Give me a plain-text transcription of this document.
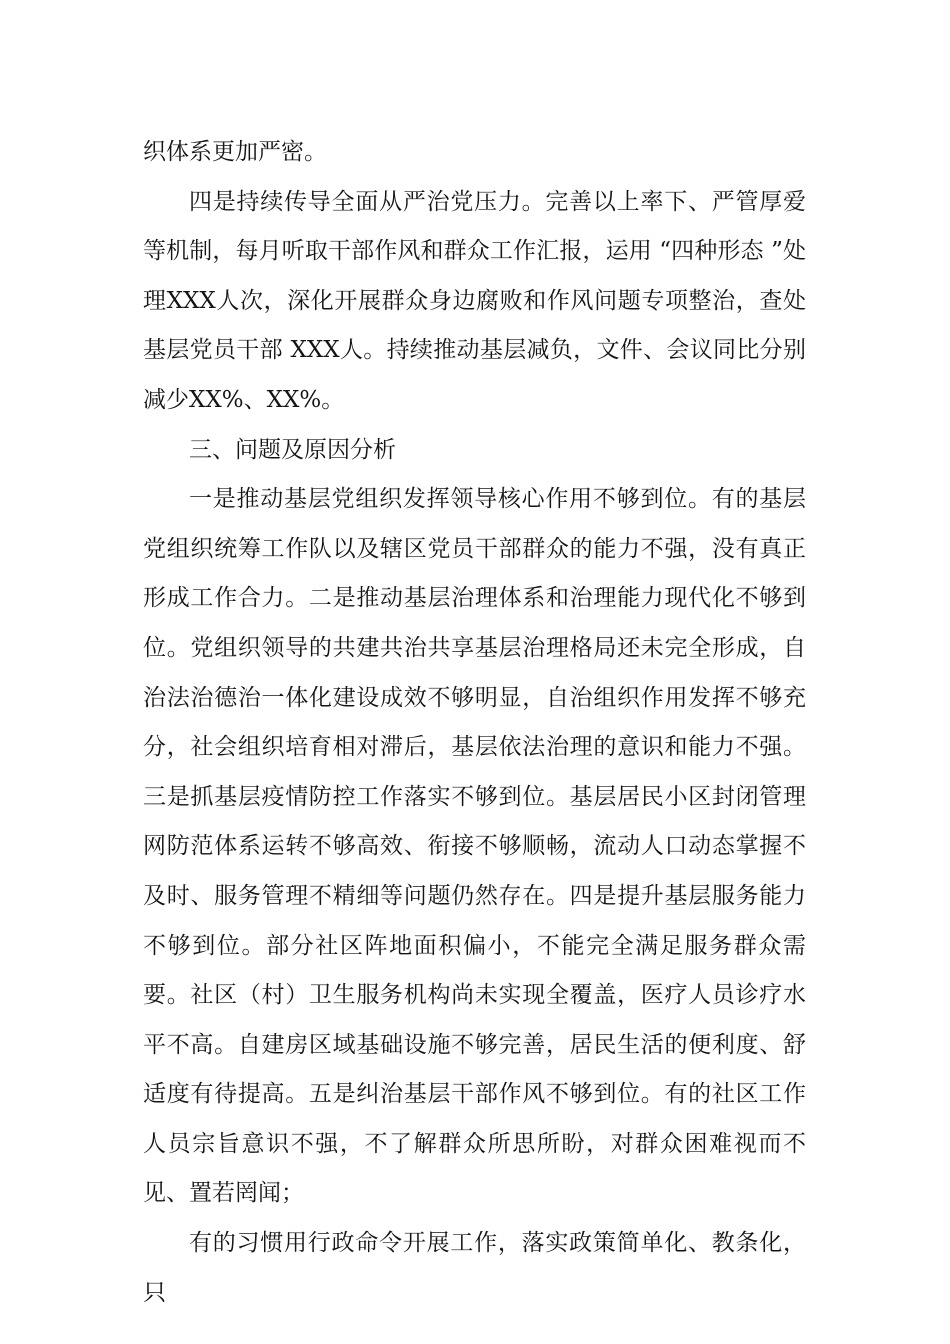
织体系更加严密。

四是持续传导全面从严治党压力。完善以上率下、严管厚爱等机制，每月听取干部作风和群众工作汇报，运用 “四种形态 ”处理XXX人次，深化开展群众身边腐败和作风问题专项整治，查处基层党员干部 XXX人。持续推动基层减负，文件、会议同比分别减少XX%、XX%。

三、问题及原因分析

一是推动基层党组织发挥领导核心作用不够到位。有的基层党组织统筹工作队以及辖区党员干部群众的能力不强，没有真正形成工作合力。二是推动基层治理体系和治理能力现代化不够到位。党组织领导的共建共治共享基层治理格局还未完全形成，自治法治德治一体化建设成效不够明显，自治组织作用发挥不够充分，社会组织培育相对滞后，基层依法治理的意识和能力不强。三是抓基层疫情防控工作落实不够到位。基层居民小区封闭管理网防范体系运转不够高效、衔接不够顺畅，流动人口动态掌握不及时、服务管理不精细等问题仍然存在。四是提升基层服务能力不够到位。部分社区阵地面积偏小，不能完全满足服务群众需要。社区（村）卫生服务机构尚未实现全覆盖，医疗人员诊疗水平不高。自建房区域基础设施不够完善，居民生活的便利度、舒适度有待提高。五是纠治基层干部作风不够到位。有的社区工作人员宗旨意识不强，不了解群众所思所盼，对群众困难视而不见、置若罔闻；

有的习惯用行政命令开展工作，落实政策简单化、教条化，只
